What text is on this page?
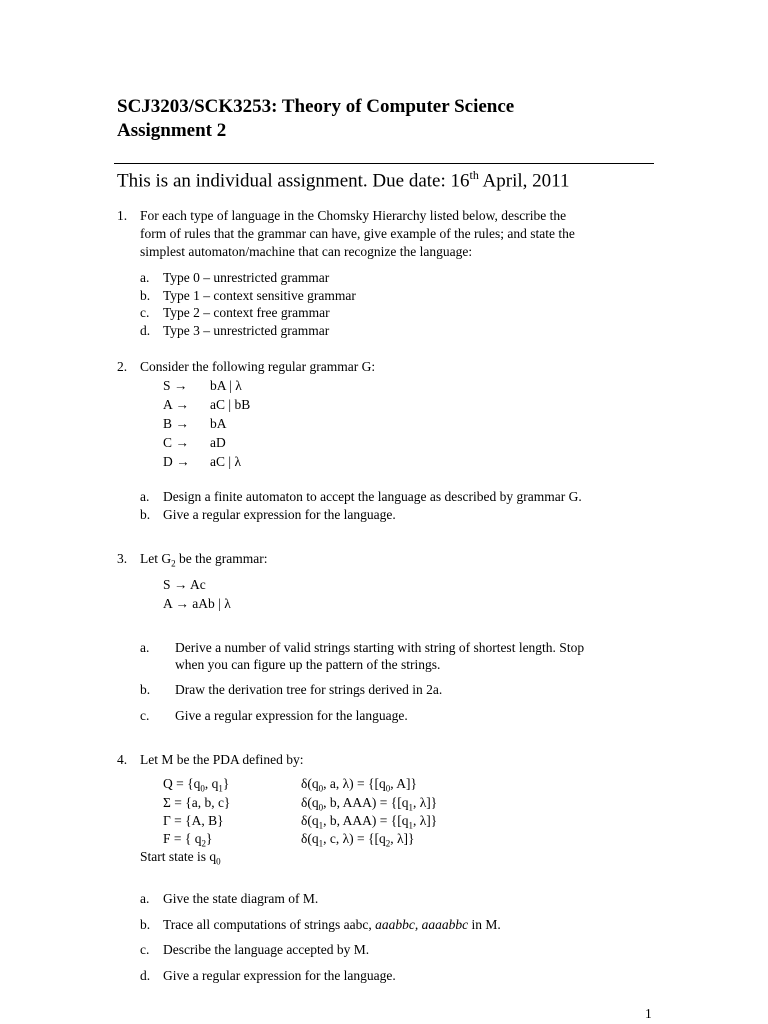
SCJ3203/SCK3253: Theory of Computer Science
Assignment 2
This is an individual assignment. Due date: 16th April, 2011
1. For each type of language in the Chomsky Hierarchy listed below, describe the
form of rules that the grammar can have, give example of the rules; and state the
simplest automaton/machine that can recognize the language:
a. Type 0 – unrestricted grammar
b. Type 1 – context sensitive grammar
c. Type 2 – context free grammar
d. Type 3 – unrestricted grammar
2. Consider the following regular grammar G:
S → bA | λ
A → aC | bB
B → bA
C → aD
D → aC | λ
a. Design a finite automaton to accept the language as described by grammar G.
b. Give a regular expression for the language.
3. Let $G_2$ be the grammar:
S → Ac
A → aAb | λ
a. Derive a number of valid strings starting with string of shortest length. Stop
when you can figure up the pattern of the strings.
b. Draw the derivation tree for strings derived in 2a.
c. Give a regular expression for the language.
4. Let M be the PDA defined by:
$Q = \{q_0$, $q_1$}	$\delta(q_0$, a, $\lambda) = \{[q_0$, A]}
Σ = {a, b, c}	$\delta(q_0$, b, $AAA) = \{[q_1$, λ]}
Γ = {A, B}	$\delta(q_1$, b, $AAA) = \{[q_1$, λ]}
F = { $q_2$}	$\delta(q_1$, c, $\lambda) = \{[q_2$, λ]}
Start state is $q_0$
a. Give the state diagram of M.
b. Trace all computations of strings aabc, aaabbc, aaaabbc in M.
c. Describe the language accepted by M.
d. Give a regular expression for the language.
1
